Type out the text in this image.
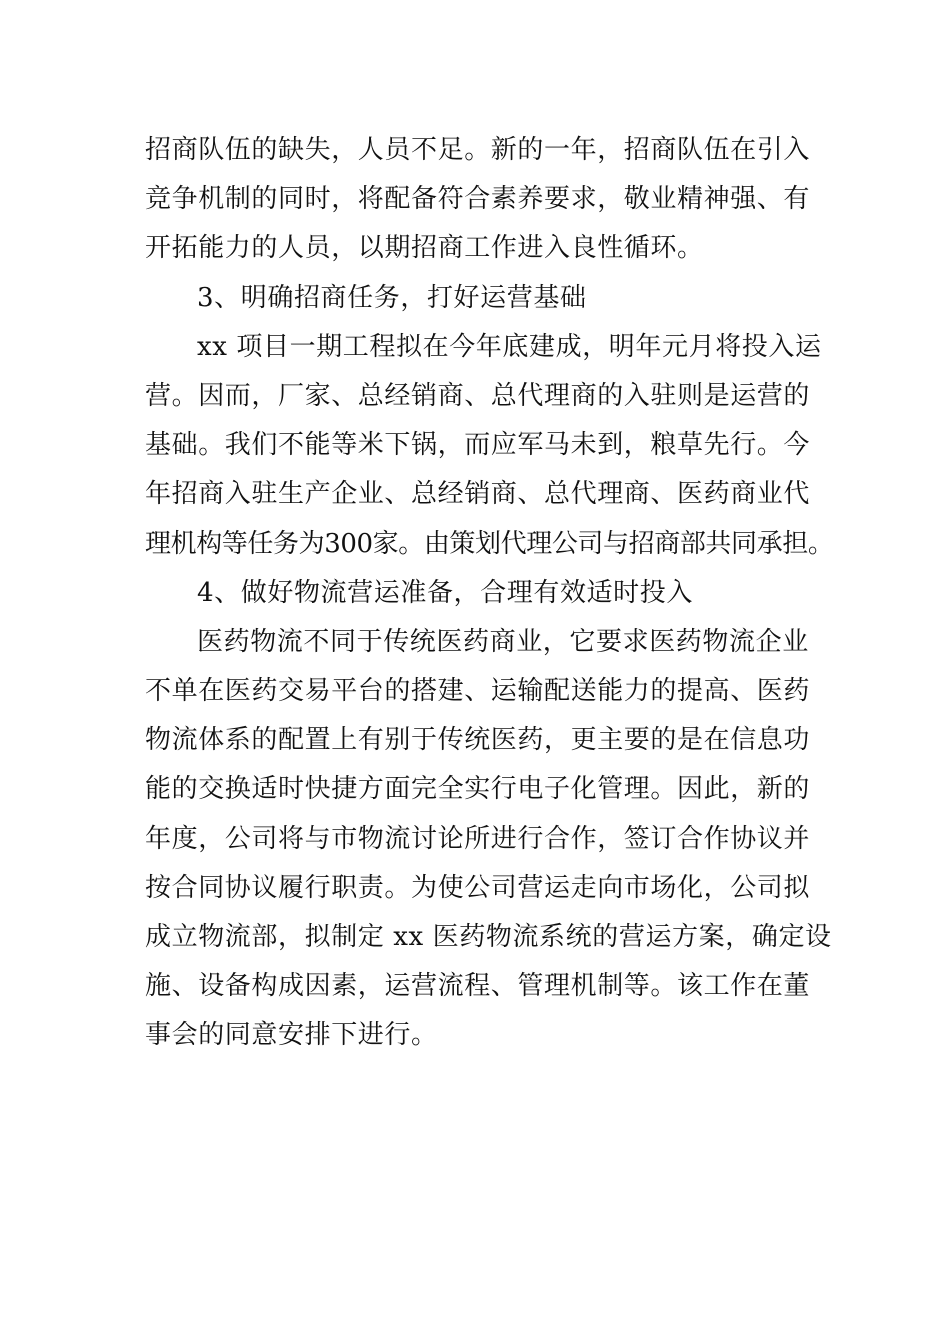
招商队伍的缺失，人员不足。新的一年，招商队伍在引入
竞争机制的同时，将配备符合素养要求，敬业精神强、有
开拓能力的人员，以期招商工作进入良性循环。
3、明确招商任务，打好运营基础
xx 项目一期工程拟在今年底建成，明年元月将投入运
营。因而，厂家、总经销商、总代理商的入驻则是运营的
基础。我们不能等米下锅，而应军马未到，粮草先行。今
年招商入驻生产企业、总经销商、总代理商、医药商业代
理机构等任务为300家。由策划代理公司与招商部共同承担。
4、做好物流营运准备，合理有效适时投入
医药物流不同于传统医药商业，它要求医药物流企业
不单在医药交易平台的搭建、运输配送能力的提高、医药
物流体系的配置上有别于传统医药，更主要的是在信息功
能的交换适时快捷方面完全实行电子化管理。因此，新的
年度，公司将与市物流讨论所进行合作，签订合作协议并
按合同协议履行职责。为使公司营运走向市场化，公司拟
成立物流部，拟制定 xx 医药物流系统的营运方案，确定设
施、设备构成因素，运营流程、管理机制等。该工作在董
事会的同意安排下进行。
